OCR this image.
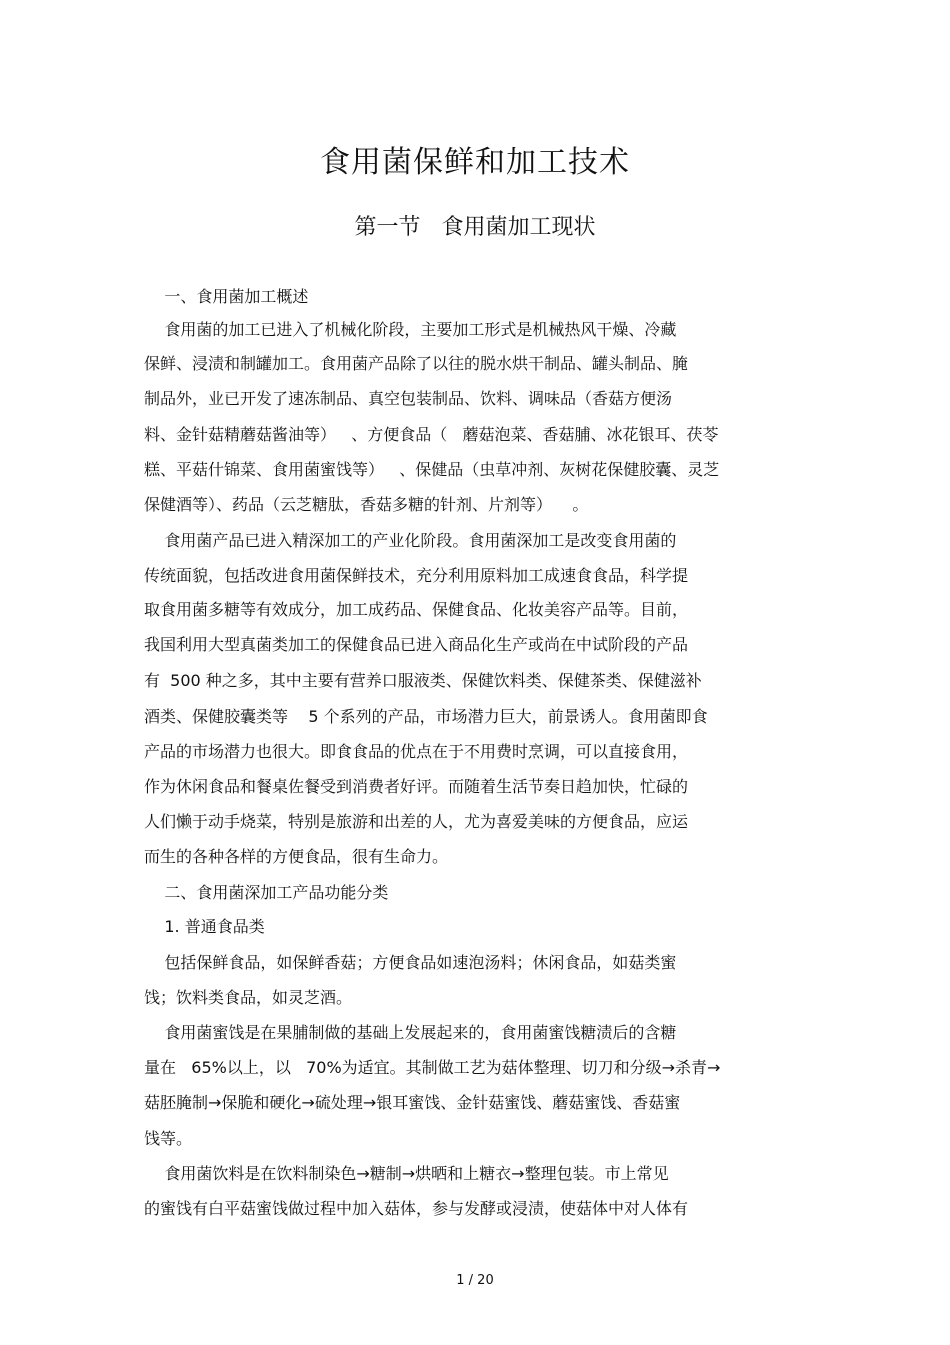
食用菌保鲜和加工技术
第一节   食用菌加工现状
一、食用菌加工概述
食用菌的加工已进入了机械化阶段，主要加工形式是机械热风干燥、冷藏
保鲜、浸渍和制罐加工。食用菌产品除了以往的脱水烘干制品、罐头制品、腌
制品外，业已开发了速冻制品、真空包装制品、饮料、调味品（香菇方便汤
料、金针菇精蘑菇酱油等）   、方便食品（   蘑菇泡菜、香菇脯、冰花银耳、茯苓
糕、平菇什锦菜、食用菌蜜饯等）   、保健品（虫草冲剂、灰树花保健胶囊、灵芝
保健酒等）、药品（云芝糖肽，香菇多糖的针剂、片剂等）    。
食用菌产品已进入精深加工的产业化阶段。食用菌深加工是改变食用菌的
传统面貌，包括改进食用菌保鲜技术，充分利用原料加工成速食食品，科学提
取食用菌多糖等有效成分，加工成药品、保健食品、化妆美容产品等。目前，
我国利用大型真菌类加工的保健食品已进入商品化生产或尚在中试阶段的产品
有  500 种之多，其中主要有营养口服液类、保健饮料类、保健茶类、保健滋补
酒类、保健胶囊类等    5 个系列的产品，市场潜力巨大，前景诱人。食用菌即食
产品的市场潜力也很大。即食食品的优点在于不用费时烹调，可以直接食用，
作为休闲食品和餐桌佐餐受到消费者好评。而随着生活节奏日趋加快，忙碌的
人们懒于动手烧菜，特别是旅游和出差的人，尤为喜爱美味的方便食品，应运
而生的各种各样的方便食品，很有生命力。
二、食用菌深加工产品功能分类
1. 普通食品类
包括保鲜食品，如保鲜香菇；方便食品如速泡汤料；休闲食品，如菇类蜜
饯；饮料类食品，如灵芝酒。
食用菌蜜饯是在果脯制做的基础上发展起来的，食用菌蜜饯糖渍后的含糖
量在   65%以上，以   70%为适宜。其制做工艺为菇体整理、切刀和分级→杀青→
菇胚腌制→保脆和硬化→硫处理→银耳蜜饯、金针菇蜜饯、蘑菇蜜饯、香菇蜜
饯等。
食用菌饮料是在饮料制染色→糖制→烘晒和上糖衣→整理包装。市上常见
的蜜饯有白平菇蜜饯做过程中加入菇体，参与发酵或浸渍，使菇体中对人体有
1 / 20
